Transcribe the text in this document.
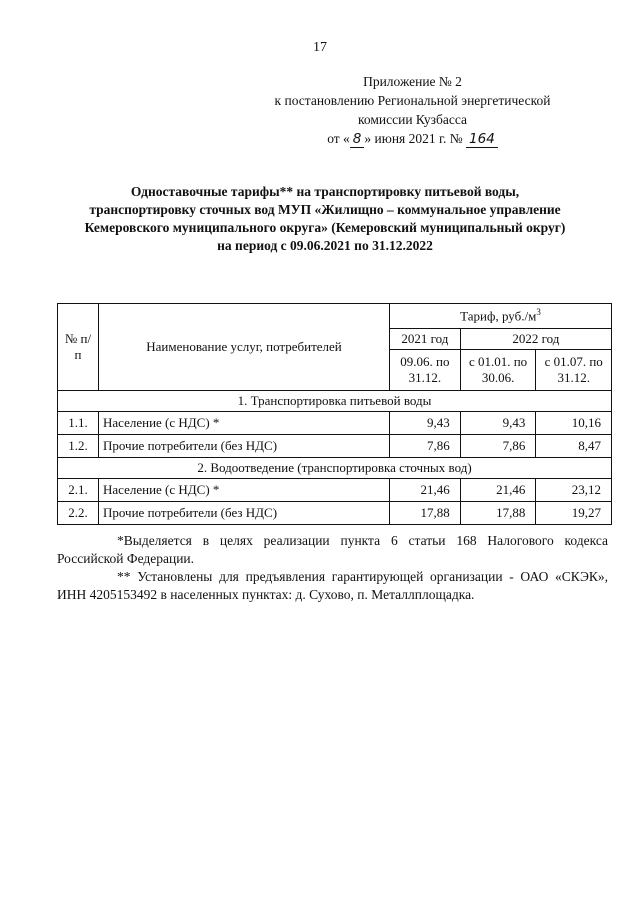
17
Приложение № 2
к постановлению Региональной энергетической
комиссии Кузбасса
от « 8 » июня 2021 г. № 164
Одноставочные тарифы** на транспортировку питьевой воды,
транспортировку сточных вод МУП «Жилищно – коммунальное управление
Кемеровского муниципального округа» (Кемеровский муниципальный округ)
на период с 09.06.2021 по 31.12.2022
№ п/п	Наименование услуг, потребителей	Тариф, $руб./м^3$
		2021 год	2022 год	
		09.06. по 31.12.	с 01.01. по 30.06.	с 01.07. по 31.12.
1. Транспортировка питьевой воды				
1.1.	Население (с НДС) *	9,43	9,43	10,16
1.2.	Прочие потребители (без НДС)	7,86	7,86	8,47
2. Водоотведение (транспортировка сточных вод)				
2.1.	Население (с НДС) *	21,46	21,46	23,12
2.2.	Прочие потребители (без НДС)	17,88	17,88	19,27

*Выделяется в целях реализации пункта 6 статьи 168 Налогового кодекса Российской Федерации.

** Установлены для предъявления гарантирующей организации - ОАО «СКЭК», ИНН 4205153492 в населенных пунктах: д. Сухово, п. Металлплощадка.
